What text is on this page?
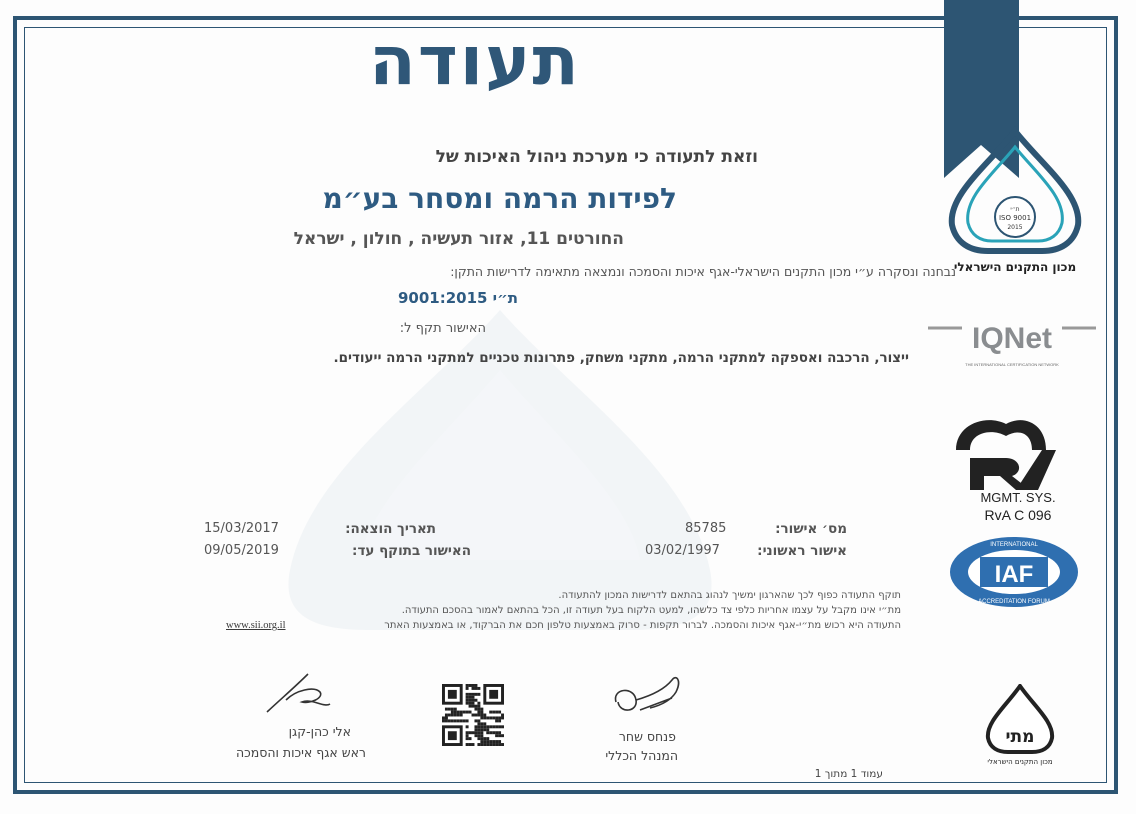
תעודה
וזאת לתעודה כי מערכת ניהול האיכות של
לפידות הרמה ומסחר בע״מ
החורטים 11, אזור תעשיה , חולון , ישראל
נבחנה ונסקרה ע״י מכון התקנים הישראלי-אגף איכות והסמכה ונמצאה מתאימה לדרישות התקן:
ת״י 9001:2015
האישור תקף ל:
ייצור, הרכבה ואספקה למתקני הרמה, מתקני משחק, פתרונות טכניים למתקני הרמה ייעודים.
מס׳ אישור:
85785
אישור ראשוני:
03/02/1997
תאריך הוצאה:
15/03/2017
האישור בתוקף עד:
09/05/2019
תוקף התעודה כפוף לכך שהארגון ימשיך לנהוג בהתאם לדרישות המכון להתעודה.
מת״י אינו מקבל על עצמו אחריות כלפי צד כלשהו, למעט הלקוח בעל תעודה זו, הכל בהתאם לאמור בהסכם התעודה.
התעודה היא רכוש מת״י-אגף איכות והסמכה. לברור תקפות - סרוק באמצעות טלפון חכם את הברקוד, או באמצעות האתר
www.sii.org.il
אלי כהן-קגן
ראש אגף איכות והסמכה
פנחס שחר
המנהל הכללי
עמוד 1 מתוך 1
ת״י
ISO 9001
2015
מכון התקנים הישראלי
IQNet
THE INTERNATIONAL CERTIFICATION NETWORK
MGMT. SYS.
RvA C 096
IAF
INTERNATIONAL
ACCREDITATION FORUM
מתי
מכון התקנים הישראלי
